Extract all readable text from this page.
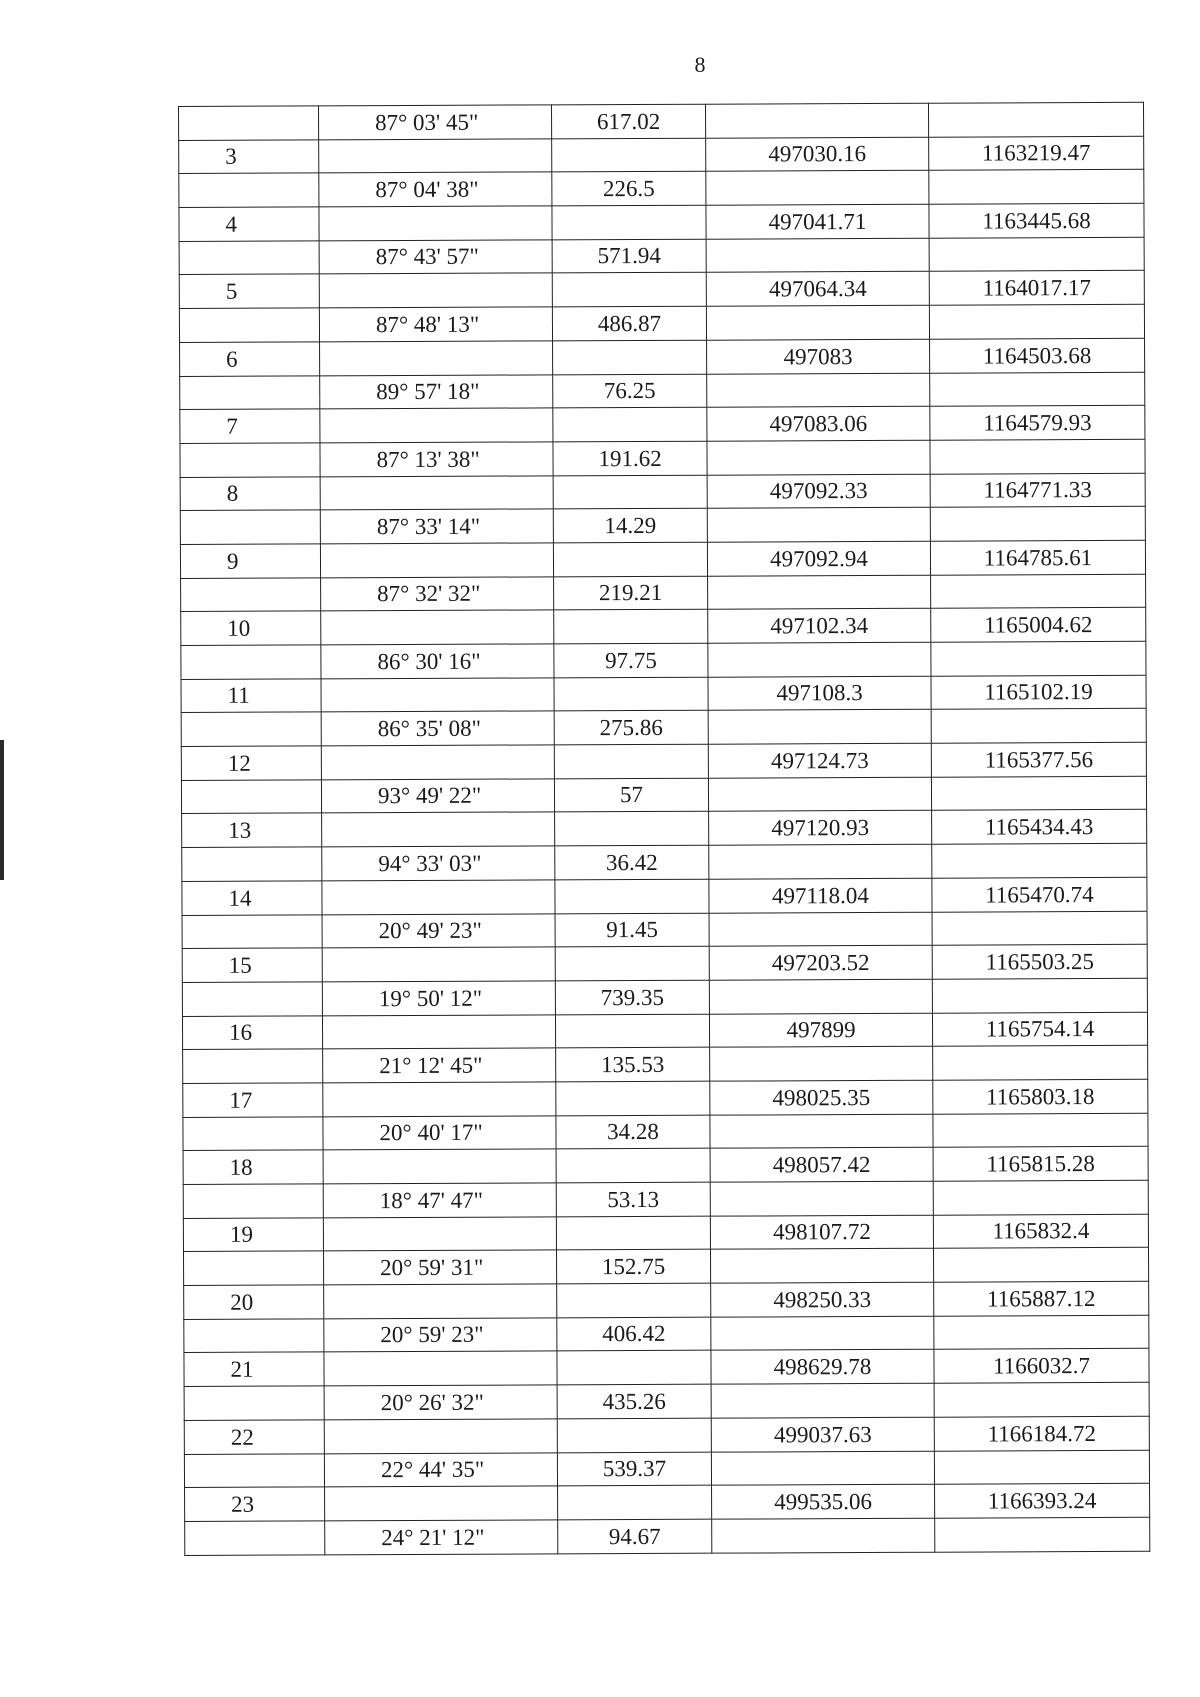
8
	87° 03' 45"	617.02		
3			497030.16	1163219.47
	87° 04' 38"	226.5		
4			497041.71	1163445.68
	87° 43' 57"	571.94		
5			497064.34	1164017.17
	87° 48' 13"	486.87		
6			497083	1164503.68
	89° 57' 18"	76.25		
7			497083.06	1164579.93
	87° 13' 38"	191.62		
8			497092.33	1164771.33
	87° 33' 14"	14.29		
9			497092.94	1164785.61
	87° 32' 32"	219.21		
10			497102.34	1165004.62
	86° 30' 16"	97.75		
11			497108.3	1165102.19
	86° 35' 08"	275.86		
12			497124.73	1165377.56
	93° 49' 22"	57		
13			497120.93	1165434.43
	94° 33' 03"	36.42		
14			497118.04	1165470.74
	20° 49' 23"	91.45		
15			497203.52	1165503.25
	19° 50' 12"	739.35		
16			497899	1165754.14
	21° 12' 45"	135.53		
17			498025.35	1165803.18
	20° 40' 17"	34.28		
18			498057.42	1165815.28
	18° 47' 47"	53.13		
19			498107.72	1165832.4
	20° 59' 31"	152.75		
20			498250.33	1165887.12
	20° 59' 23"	406.42		
21			498629.78	1166032.7
	20° 26' 32"	435.26		
22			499037.63	1166184.72
	22° 44' 35"	539.37		
23			499535.06	1166393.24
	24° 21' 12"	94.67		
